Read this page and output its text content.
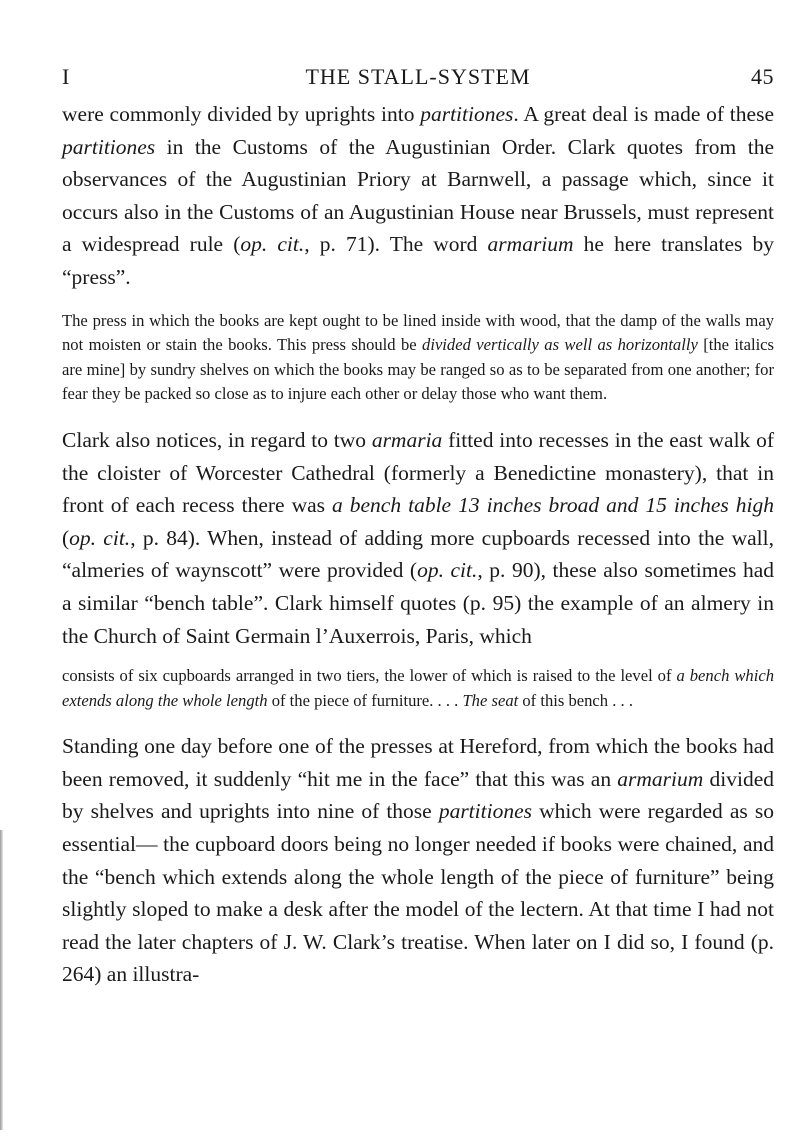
I	THE STALL-SYSTEM	45

were commonly divided by uprights into partitiones. A great deal is made of these partitiones in the Customs of the Augustinian Order. Clark quotes from the observances of the Augustinian Priory at Barnwell, a passage which, since it occurs also in the Customs of an Augustinian House near Brussels, must represent a widespread rule (op. cit., p. 71). The word armarium he here translates by “press”.

The press in which the books are kept ought to be lined inside with wood, that the damp of the walls may not moisten or stain the books. This press should be divided vertically as well as horizontally [the italics are mine] by sundry shelves on which the books may be ranged so as to be separated from one another; for fear they be packed so close as to injure each other or delay those who want them.

Clark also notices, in regard to two armaria fitted into recesses in the east walk of the cloister of Worcester Cathedral (formerly a Benedictine monastery), that in front of each recess there was a bench table 13 inches broad and 15 inches high (op. cit., p. 84). When, instead of adding more cupboards recessed into the wall, “almeries of waynscott” were provided (op. cit., p. 90), these also sometimes had a similar “bench table”. Clark himself quotes (p. 95) the example of an almery in the Church of Saint Germain l’Auxerrois, Paris, which

consists of six cupboards arranged in two tiers, the lower of which is raised to the level of a bench which extends along the whole length of the piece of furniture. . . . The seat of this bench . . .

Standing one day before one of the presses at Hereford, from which the books had been removed, it suddenly “hit me in the face” that this was an armarium divided by shelves and uprights into nine of those partitiones which were regarded as so essential— the cupboard doors being no longer needed if books were chained, and the “bench which extends along the whole length of the piece of furniture” being slightly sloped to make a desk after the model of the lectern. At that time I had not read the later chapters of J. W. Clark’s treatise. When later on I did so, I found (p. 264) an illustra-
